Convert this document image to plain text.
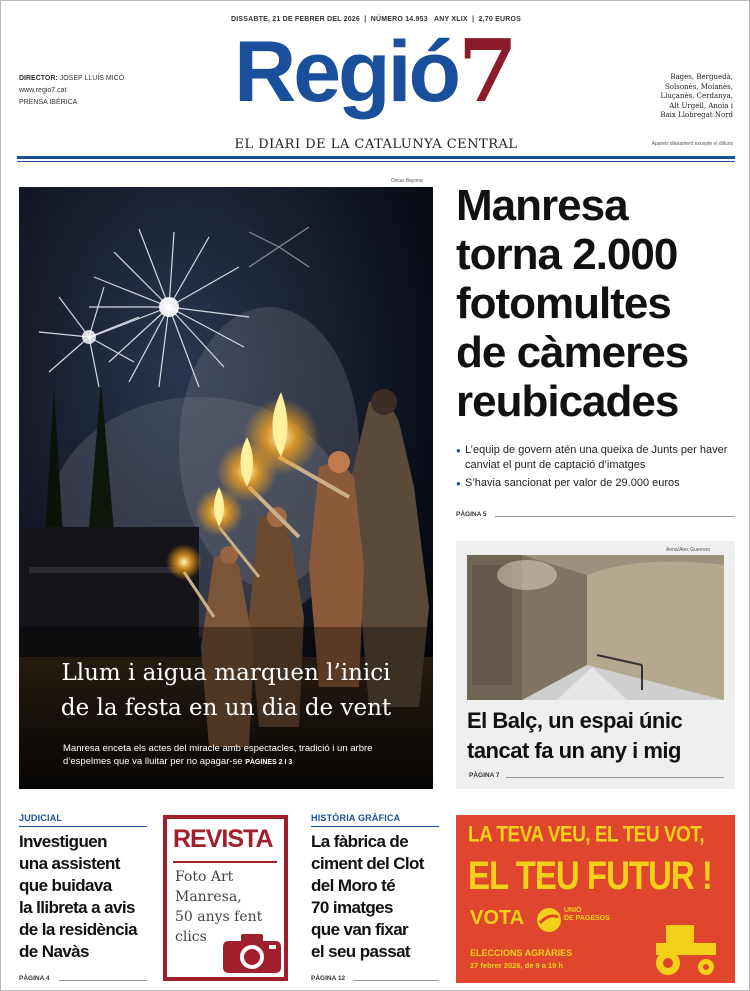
DISSABTE, 21 DE FEBRER DEL 2026  |  NÚMERO 14.953 ANY XLIX  |  2,70 EUROS
DIRECTOR: JOSEP LLUÍS MICÓ
www.regio7.cat
PRENSA IBÉRICA	Regió7	Bages, Berguedà,
Solsonès, Moianès,
Lluçanès, Cerdanya,
Alt Urgell, Anoia i
Baix Llobregat Nord
EL DIARI DE LA CATALUNYA CENTRAL	Apareix diàriament excepte el dilluns
Oscar Bayona
Llum i aigua marquen l’inici
de la festa en un dia de vent
Manresa enceta els actes del miracle amb espectacles, tradició i un arbre d’espelmes que va lluitar per no apagar-se PÀGINES 2 I 3
Manresa
torna 2.000
fotomultes
de càmeres
reubicades
● L’equip de govern atén una queixa de Junts per haver canviat el punt de captació d’imatges
● S’havia sancionat per valor de 29.000 euros
PÀGINA 5
Anna/Alex Guerrero
El Balç, un espai únic
tancat fa un any i mig
PÀGINA 7
JUDICIAL
Investiguen
una assistent
que buidava
la llibreta a avis
de la residència
de Navàs
PÀGINA 4
REVISTA
Foto Art
Manresa,
50 anys fent
clics
HISTÒRIA GRÀFICA
La fàbrica de
ciment del Clot
del Moro té
70 imatges
que van fixar
el seu passat
PÀGINA 12
LA TEVA VEU, EL TEU VOT,
EL TEU FUTUR !
VOTA	UNIÓ
DE PAGESOS
ELECCIONS AGRÀRIES
27 febrer 2026, de 9 a 19 h
